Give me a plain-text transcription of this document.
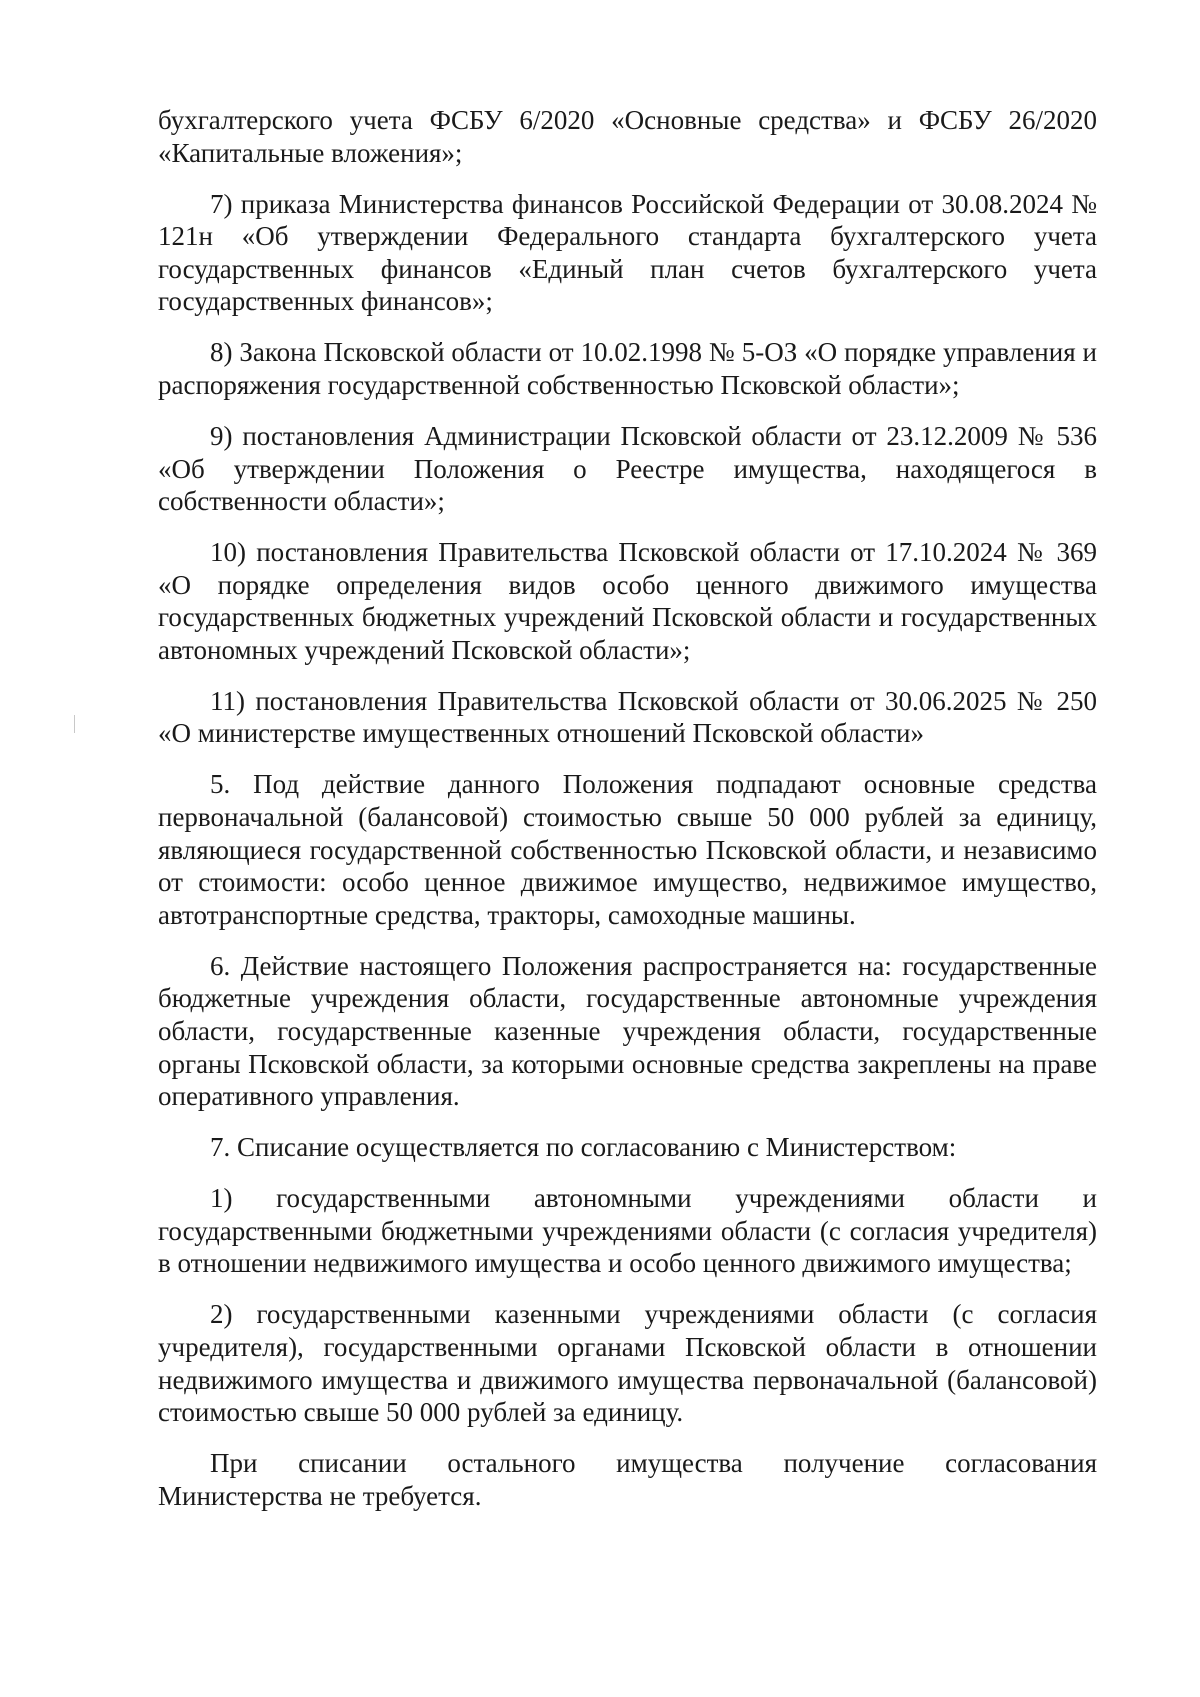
бухгалтерского учета ФСБУ 6/2020 «Основные средства» и ФСБУ 26/2020 «Капитальные вложения»;

7) приказа Министерства финансов Российской Федерации от 30.08.2024 № 121н «Об утверждении Федерального стандарта бухгалтерского учета государственных финансов «Единый план счетов бухгалтерского учета государственных финансов»;

8) Закона Псковской области от 10.02.1998 № 5-ОЗ «О порядке управления и распоряжения государственной собственностью Псковской области»;

9) постановления Администрации Псковской области от 23.12.2009 № 536 «Об утверждении Положения о Реестре имущества, находящегося в собственности области»;

10) постановления Правительства Псковской области от 17.10.2024 № 369 «О порядке определения видов особо ценного движимого имущества государственных бюджетных учреждений Псковской области и государственных автономных учреждений Псковской области»;

11) постановления Правительства Псковской области от 30.06.2025 № 250 «О министерстве имущественных отношений Псковской области»

5. Под действие данного Положения подпадают основные средства первоначальной (балансовой) стоимостью свыше 50 000 рублей за единицу, являющиеся государственной собственностью Псковской области, и независимо от стоимости: особо ценное движимое имущество, недвижимое имущество, автотранспортные средства, тракторы, самоходные машины.

6. Действие настоящего Положения распространяется на: государственные бюджетные учреждения области, государственные автономные учреждения области, государственные казенные учреждения области, государственные органы Псковской области, за которыми основные средства закреплены на праве оперативного управления.

7. Списание осуществляется по согласованию с Министерством:

1) государственными автономными учреждениями области и государственными бюджетными учреждениями области (с согласия учредителя) в отношении недвижимого имущества и особо ценного движимого имущества;

2) государственными казенными учреждениями области (с согласия учредителя), государственными органами Псковской области в отношении недвижимого имущества и движимого имущества первоначальной (балансовой) стоимостью свыше 50 000 рублей за единицу.

При списании остального имущества получение согласования Министерства не требуется.
